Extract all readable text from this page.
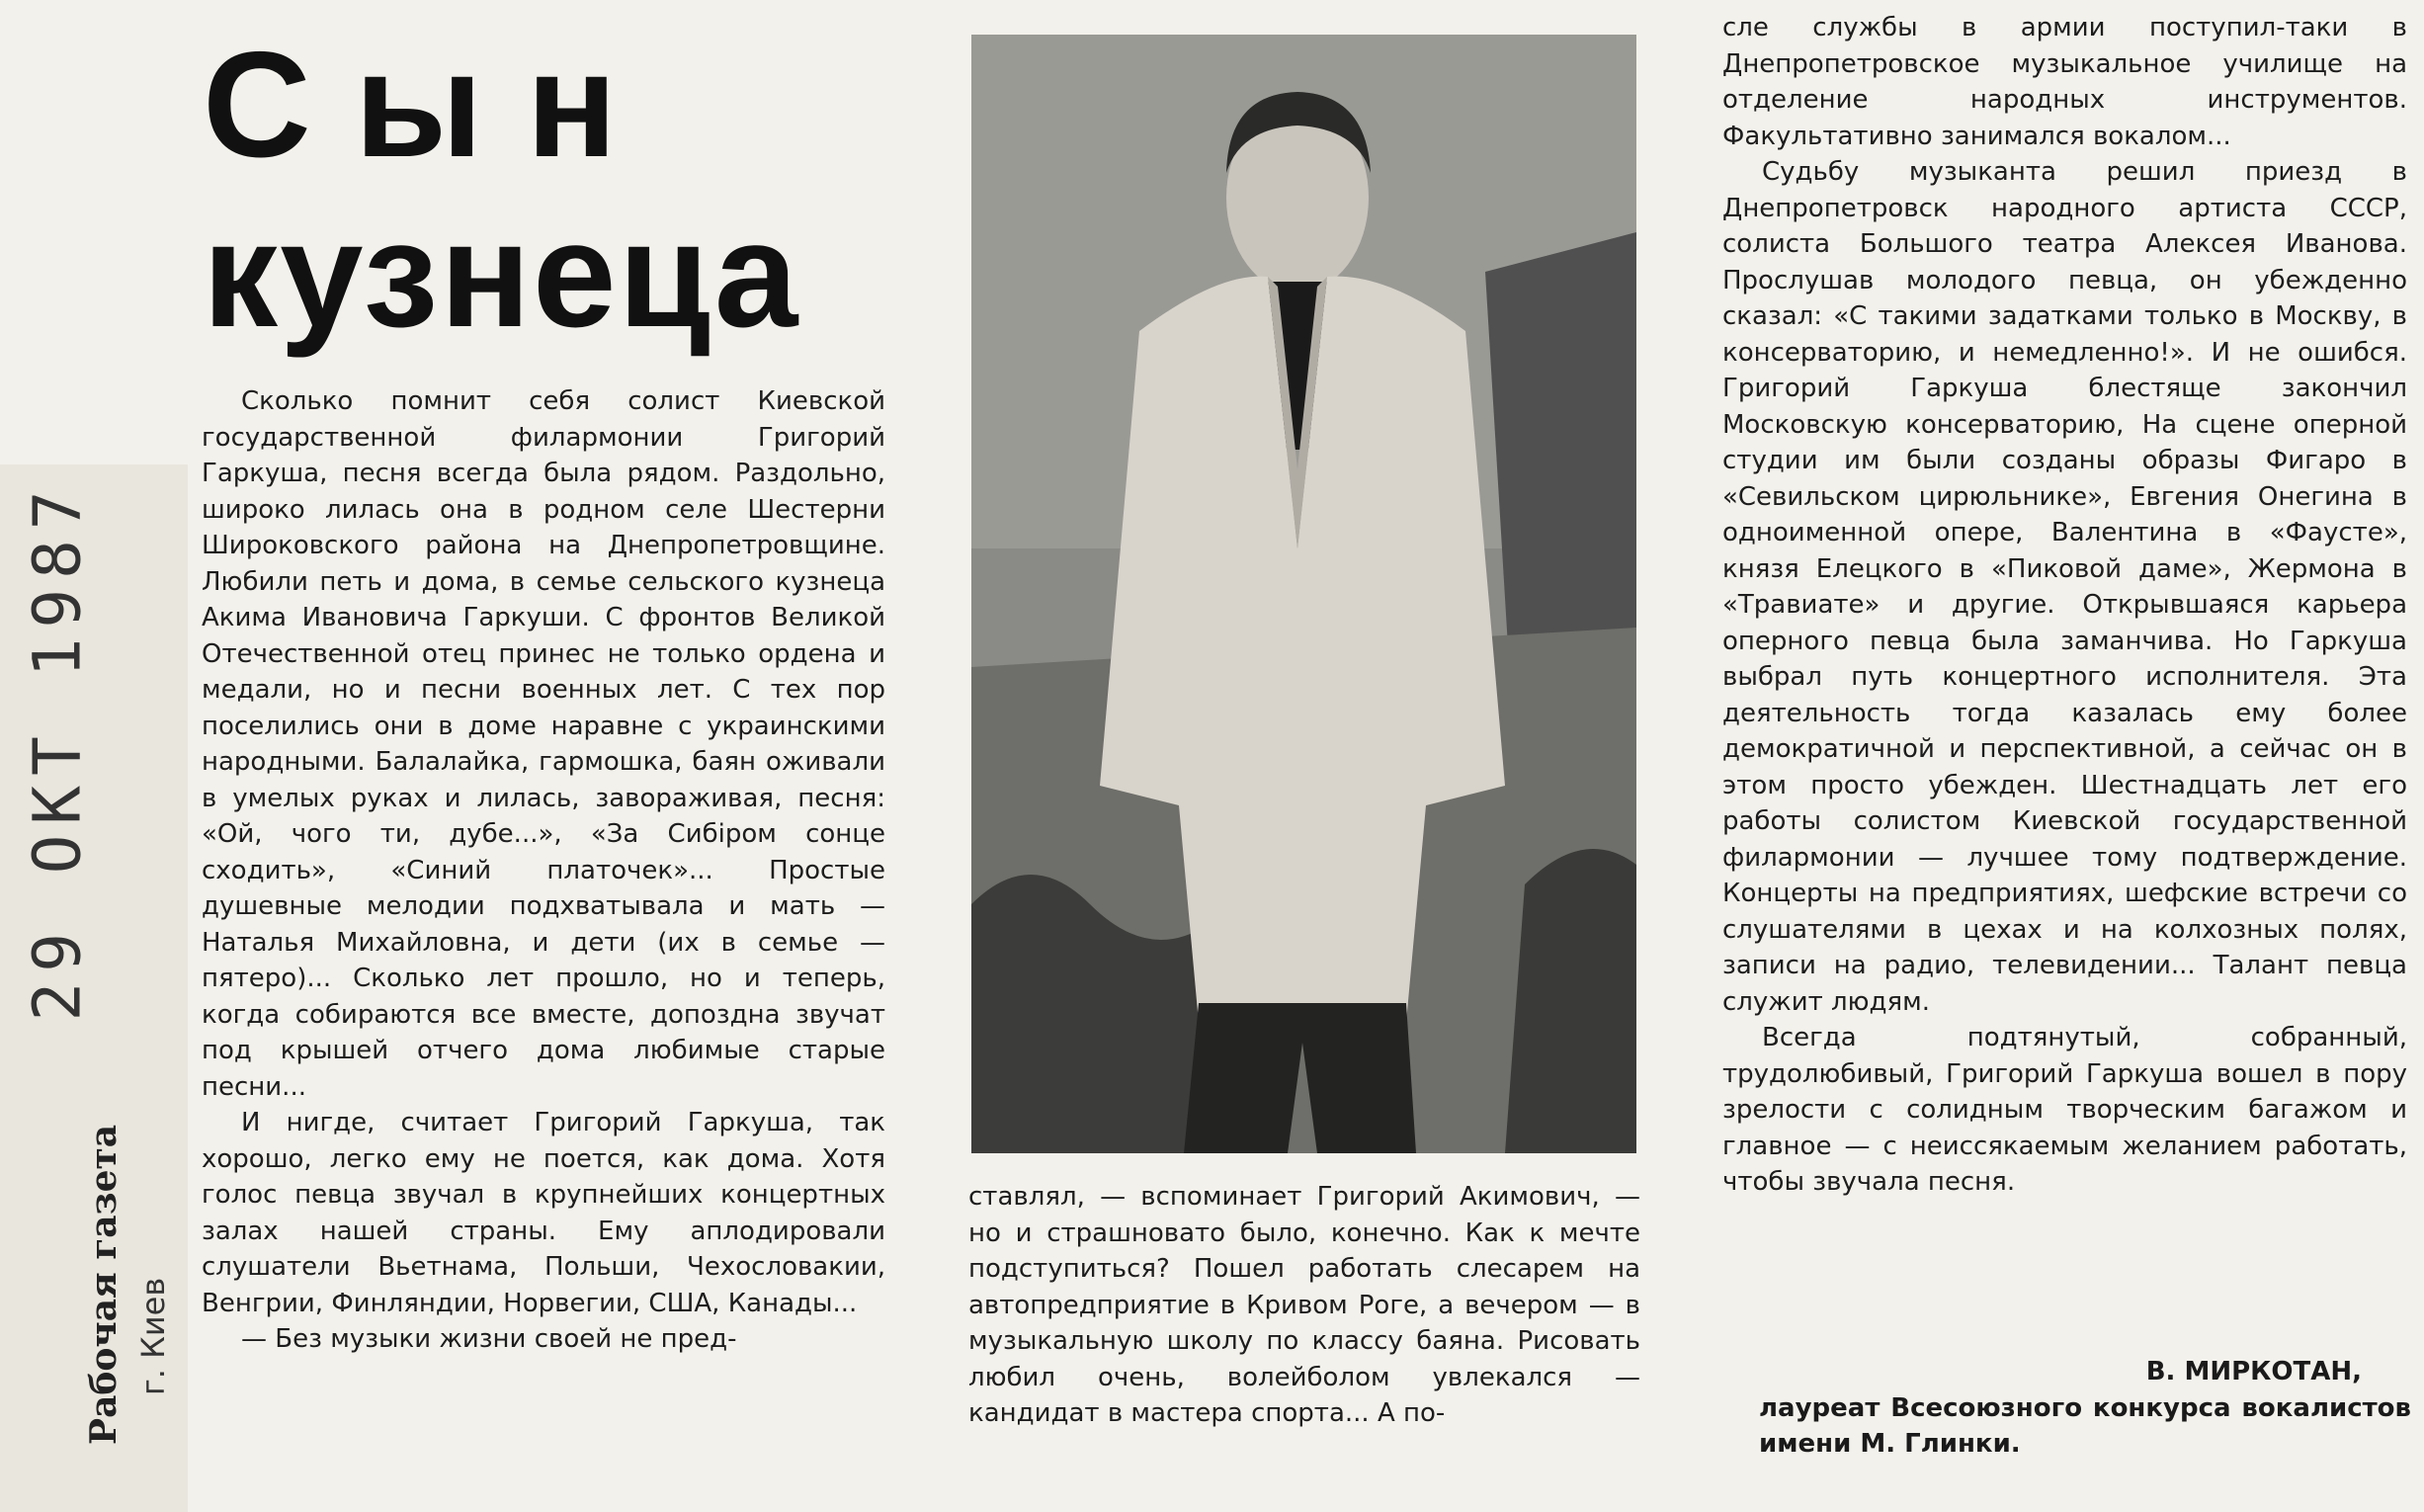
29 ОКТ 1987
Рабочая газета г. Киев
Сын
кузнеца

Сколько помнит себя солист Киевской государственной филармонии Григорий Гаркуша, песня всегда была рядом. Раздольно, широко лилась она в родном селе Шестерни Широковского района на Днепропетровщине. Любили петь и дома, в семье сельского кузнеца Акима Ивановича Гаркуши. С фронтов Великой Отечественной отец принес не только ордена и медали, но и песни военных лет. С тех пор поселились они в доме наравне с украинскими народными. Балалайка, гармошка, баян оживали в умелых руках и лилась, завораживая, песня: «Ой, чого ти, дубе...», «За Сибіром сонце сходить», «Синий платочек»... Простые душевные мелодии подхватывала и мать — Наталья Михайловна, и дети (их в семье — пятеро)... Сколько лет прошло, но и теперь, когда собираются все вместе, допоздна звучат под крышей отчего дома любимые старые песни...

И нигде, считает Григорий Гаркуша, так хорошо, легко ему не поется, как дома. Хотя голос певца звучал в крупнейших концертных залах нашей страны. Ему аплодировали слушатели Вьетнама, Польши, Чехословакии, Венгрии, Финляндии, Норвегии, США, Канады...

— Без музыки жизни своей не пред-

ставлял, — вспоминает Григорий Акимович, — но и страшновато было, конечно. Как к мечте подступиться? Пошел работать слесарем на автопредприятие в Кривом Роге, а вечером — в музыкальную школу по классу баяна. Рисовать любил очень, волейболом увлекался — кандидат в мастера спорта... А по-

сле службы в армии поступил-таки в Днепропетровское музыкальное училище на отделение народных инструментов. Факультативно занимался вокалом...

Судьбу музыканта решил приезд в Днепропетровск народного артиста СССР, солиста Большого театра Алексея Иванова. Прослушав молодого певца, он убежденно сказал: «С такими задатками только в Москву, в консерваторию, и немедленно!». И не ошибся. Григорий Гаркуша блестяще закончил Московскую консерваторию, На сцене оперной студии им были созданы образы Фигаро в «Севильском цирюльнике», Евгения Онегина в одноименной опере, Валентина в «Фаусте», князя Елецкого в «Пиковой даме», Жермона в «Травиате» и другие. Открывшаяся карьера оперного певца была заманчива. Но Гаркуша выбрал путь концертного исполнителя. Эта деятельность тогда казалась ему более демократичной и перспективной, а сейчас он в этом просто убежден. Шестнадцать лет его работы солистом Киевской государственной филармонии — лучшее тому подтверждение. Концерты на предприятиях, шефские встречи со слушателями в цехах и на колхозных полях, записи на радио, телевидении... Талант певца служит людям.

Всегда подтянутый, собранный, трудолюбивый, Григорий Гаркуша вошел в пору зрелости с солидным творческим багажом и главное — с неиссякаемым желанием работать, чтобы звучала песня.

В. МИРКОТАН,
лауреат Всесоюзного конкурса вокалистов имени М. Глинки.
